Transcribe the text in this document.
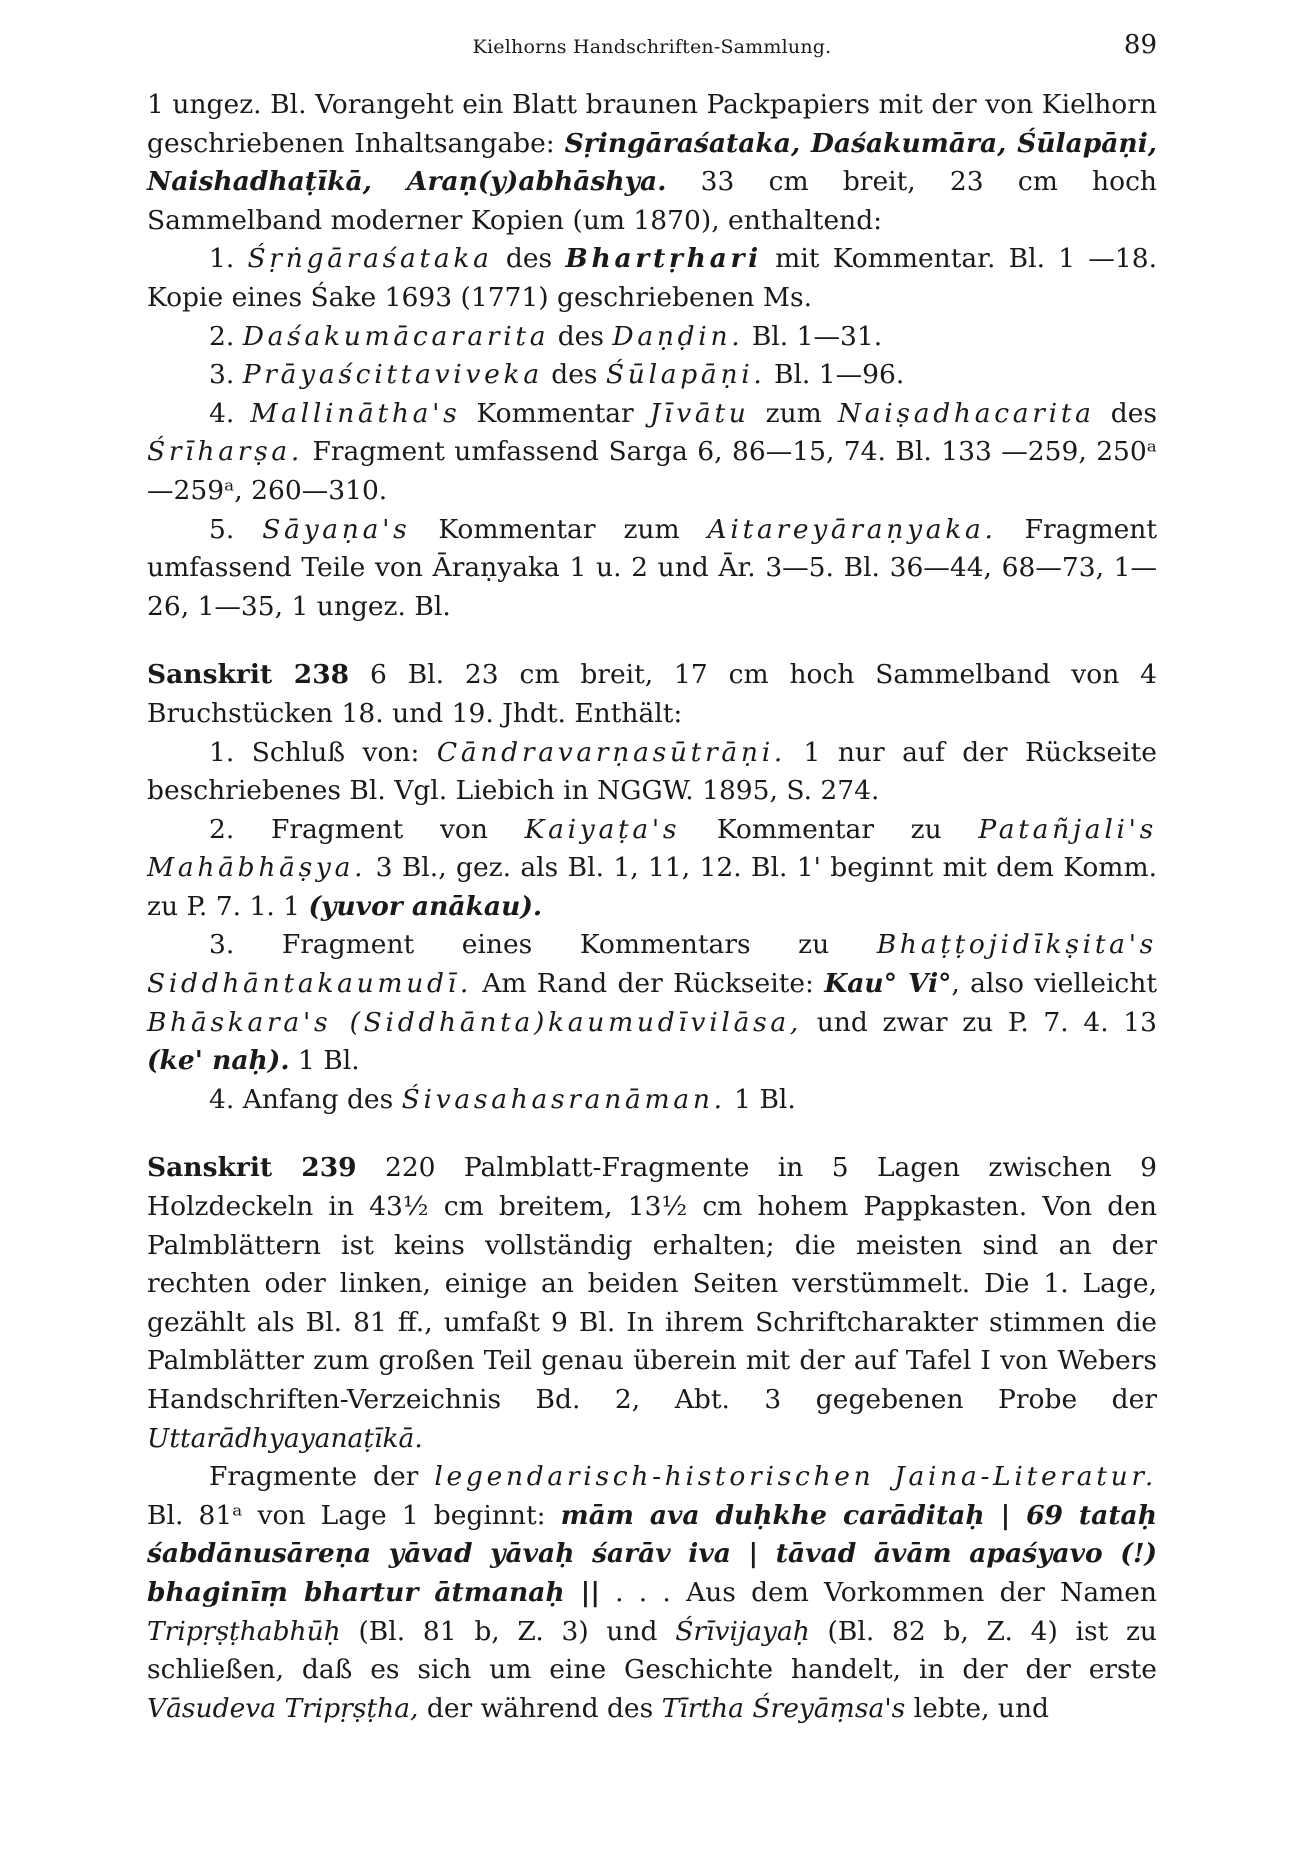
Kielhorns Handschriften-Sammlung.	89

1 ungez. Bl. Vorangeht ein Blatt braunen Packpapiers mit der von Kielhorn geschriebenen Inhaltsangabe: Sṛingāraśataka, Daśakumāra, Śūlapāṇi, Naishadhaṭīkā, Araṇ(y)abhāshya. 33 cm breit, 23 cm hoch Sammelband moderner Kopien (um 1870), enthaltend:

1. Śṛṅgāraśataka des Bhartṛhari mit Kommentar. Bl. 1 —18. Kopie eines Śake 1693 (1771) geschriebenen Ms.

2. Daśakumācararita des Daṇḍin. Bl. 1—31.

3. Prāyaścittaviveka des Śūlapāṇi. Bl. 1—96.

4. Mallinātha's Kommentar Jīvātu zum Naiṣadhacarita des Śrīharṣa. Fragment umfassend Sarga 6, 86—15, 74. Bl. 133 —259, 250ᵃ—259ᵃ, 260—310.

5. Sāyaṇa's Kommentar zum Aitareyāraṇyaka. Fragment umfassend Teile von Āraṇyaka 1 u. 2 und Ār. 3—5. Bl. 36—44, 68—73, 1—26, 1—35, 1 ungez. Bl.

Sanskrit 238 6 Bl. 23 cm breit, 17 cm hoch Sammelband von 4 Bruchstücken 18. und 19. Jhdt. Enthält:

1. Schluß von: Cāndravarṇasūtrāṇi. 1 nur auf der Rückseite beschriebenes Bl. Vgl. Liebich in NGGW. 1895, S. 274.

2. Fragment von Kaiyaṭa's Kommentar zu Patañjali's Mahābhāṣya. 3 Bl., gez. als Bl. 1, 11, 12. Bl. 1' beginnt mit dem Komm. zu P. 7. 1. 1 (yuvor anākau).

3. Fragment eines Kommentars zu Bhaṭṭojidīkṣita's Siddhāntakaumudī. Am Rand der Rückseite: Kau° Vi°, also vielleicht Bhāskara's (Siddhānta)kaumudīvilāsa, und zwar zu P. 7. 4. 13 (ke' naḥ). 1 Bl.

4. Anfang des Śivasahasranāman. 1 Bl.

Sanskrit 239 220 Palmblatt-Fragmente in 5 Lagen zwischen 9 Holzdeckeln in 43½ cm breitem, 13½ cm hohem Pappkasten. Von den Palmblättern ist keins vollständig erhalten; die meisten sind an der rechten oder linken, einige an beiden Seiten verstümmelt. Die 1. Lage, gezählt als Bl. 81 ff., umfaßt 9 Bl. In ihrem Schriftcharakter stimmen die Palmblätter zum großen Teil genau überein mit der auf Tafel I von Webers Handschriften-Verzeichnis Bd. 2, Abt. 3 gegebenen Probe der Uttarādhyayanaṭīkā.

Fragmente der legendarisch-historischen Jaina-Literatur. Bl. 81ᵃ von Lage 1 beginnt: mām ava duḥkhe carāditaḥ | 69 tataḥ śabdānusāreṇa yāvad yāvaḥ śarāv iva | tāvad āvām apaśyavo (!) bhaginīṃ bhartur ātmanaḥ || . . . Aus dem Vorkommen der Namen Tripṛṣṭhabhūḥ (Bl. 81 b, Z. 3) und Śrīvijayaḥ (Bl. 82 b, Z. 4) ist zu schließen, daß es sich um eine Geschichte handelt, in der der erste Vāsudeva Tripṛṣṭha, der während des Tīrtha Śreyāṃsa's lebte, und
